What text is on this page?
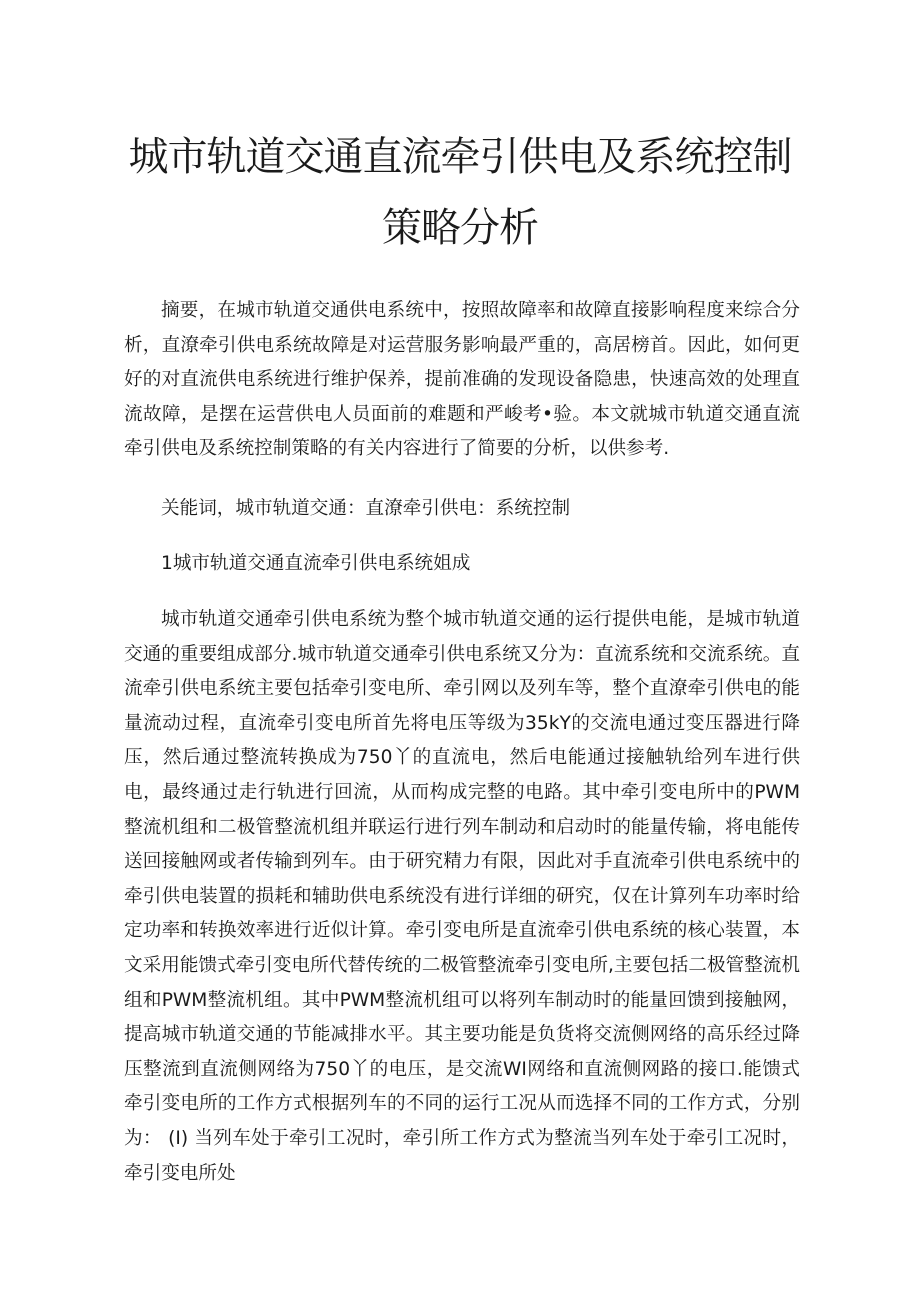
城市轨道交通直流牵引供电及系统控制
策略分析

摘要，在城市轨道交通供电系统中，按照故障率和故障直接影响程度来综合分析，直潦牵引供电系统故障是对运营服务影响最严重的，高居榜首。因此，如何更好的对直流供电系统进行维护保养，提前准确的发现设备隐患，快速高效的处理直流故障，是摆在运营供电人员面前的难题和严峻考•验。本文就城市轨道交通直流牵引供电及系统控制策略的有关内容进行了简要的分析，以供参考.

关能词，城市轨道交通：直潦牵引供电：系统控制

1城市轨道交通直流牵引供电系统姐成

城市轨道交通牵引供电系统为整个城市轨道交通的运行提供电能，是城市轨道交通的重要组成部分.城市轨道交通牵引供电系统又分为：直流系统和交流系统。直流牵引供电系统主要包括牵引变电所、牵引网以及列车等，整个直潦牵引供电的能量流动过程，直流牵引变电所首先将电压等级为35kY的交流电通过变压器进行降压，然后通过整流转换成为750丫的直流电，然后电能通过接触轨给列车进行供电，最终通过走行轨进行回流，从而构成完整的电路。其中牵引变电所中的PWM整流机组和二极管整流机组并联运行进行列车制动和启动时的能量传输，将电能传送回接触网或者传输到列车。由于研究精力有限，因此对手直流牵引供电系统中的牵引供电装置的损耗和辅助供电系统没有进行详细的研究，仅在计算列车功率时给定功率和转换效率进行近似计算。牵引变电所是直流牵引供电系统的核心装置，本文采用能馈式牵引变电所代替传统的二极管整流牵引变电所,主要包括二极管整流机组和PWM整流机组。其中PWM整流机组可以将列车制动时的能量回馈到接触网，提高城市轨道交通的节能减排水平。其主要功能是负货将交流侧网络的高乐经过降压整流到直流侧网络为750丫的电压，是交流WI网络和直流侧网路的接口.能馈式牵引变电所的工作方式根据列车的不同的运行工况从而选择不同的工作方式，分别为： (I) 当列车处于牵引工况时，牵引所工作方式为整流当列车处于牵引工况时，牵引变电所处
